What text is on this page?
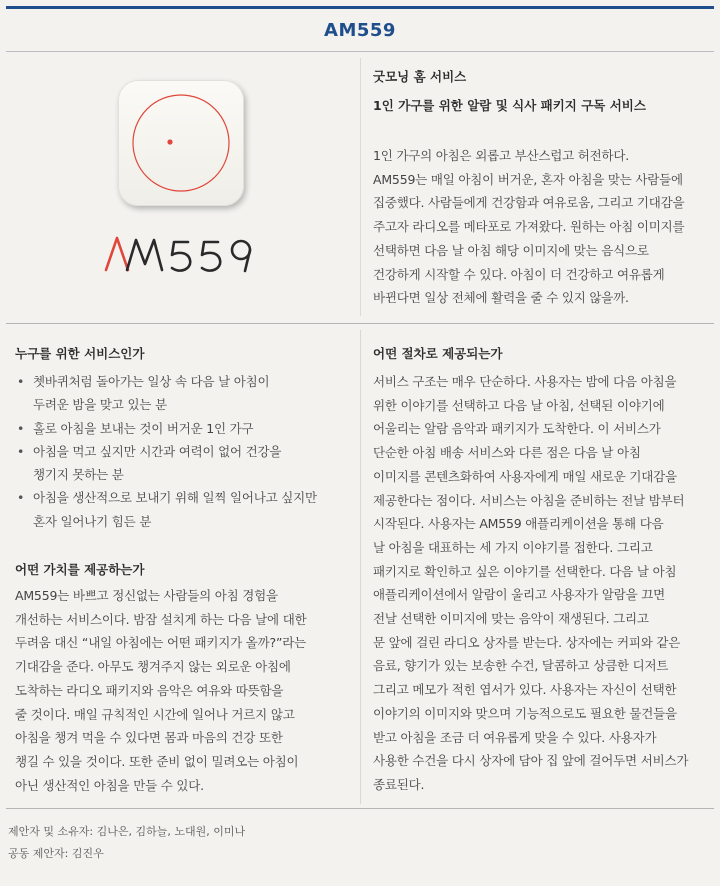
AM559
AM559
굿모닝 홈 서비스
1인 가구를 위한 알람 및 식사 패키지 구독 서비스

1인 가구의 아침은 외롭고 부산스럽고 허전하다.

AM559는 매일 아침이 버거운, 혼자 아침을 맞는 사람들에

집중했다. 사람들에게 건강함과 여유로움, 그리고 기대감을

주고자 라디오를 메타포로 가져왔다. 원하는 아침 이미지를

선택하면 다음 날 아침 해당 이미지에 맞는 음식으로

건강하게 시작할 수 있다. 아침이 더 건강하고 여유롭게

바뀐다면 일상 전체에 활력을 줄 수 있지 않을까.

누구를 위한 서비스인가
• 쳇바퀴처럼 돌아가는 일상 속 다음 날 아침이
두려운 밤을 맞고 있는 분
• 홀로 아침을 보내는 것이 버거운 1인 가구
• 아침을 먹고 싶지만 시간과 여력이 없어 건강을
챙기지 못하는 분
• 아침을 생산적으로 보내기 위해 일찍 일어나고 싶지만
혼자 일어나기 힘든 분
어떤 가치를 제공하는가

AM559는 바쁘고 정신없는 사람들의 아침 경험을

개선하는 서비스이다. 밤잠 설치게 하는 다음 날에 대한

두려움 대신 “내일 아침에는 어떤 패키지가 올까?”라는

기대감을 준다. 아무도 챙겨주지 않는 외로운 아침에

도착하는 라디오 패키지와 음악은 여유와 따뜻함을

줄 것이다. 매일 규칙적인 시간에 일어나 거르지 않고

아침을 챙겨 먹을 수 있다면 몸과 마음의 건강 또한

챙길 수 있을 것이다. 또한 준비 없이 밀려오는 아침이

아닌 생산적인 아침을 만들 수 있다.

어떤 절차로 제공되는가

서비스 구조는 매우 단순하다. 사용자는 밤에 다음 아침을

위한 이야기를 선택하고 다음 날 아침, 선택된 이야기에

어울리는 알람 음악과 패키지가 도착한다. 이 서비스가

단순한 아침 배송 서비스와 다른 점은 다음 날 아침

이미지를 콘텐츠화하여 사용자에게 매일 새로운 기대감을

제공한다는 점이다. 서비스는 아침을 준비하는 전날 밤부터

시작된다. 사용자는 AM559 애플리케이션을 통해 다음

날 아침을 대표하는 세 가지 이야기를 접한다. 그리고

패키지로 확인하고 싶은 이야기를 선택한다. 다음 날 아침

애플리케이션에서 알람이 울리고 사용자가 알람을 끄면

전날 선택한 이미지에 맞는 음악이 재생된다. 그리고

문 앞에 걸린 라디오 상자를 받는다. 상자에는 커피와 같은

음료, 향기가 있는 보송한 수건, 달콤하고 상큼한 디저트

그리고 메모가 적힌 엽서가 있다. 사용자는 자신이 선택한

이야기의 이미지와 맞으며 기능적으로도 필요한 물건들을

받고 아침을 조금 더 여유롭게 맞을 수 있다. 사용자가

사용한 수건을 다시 상자에 담아 집 앞에 걸어두면 서비스가

종료된다.

제안자 및 소유자: 김나은, 김하늘, 노대원, 이미나
공동 제안자: 김진우
